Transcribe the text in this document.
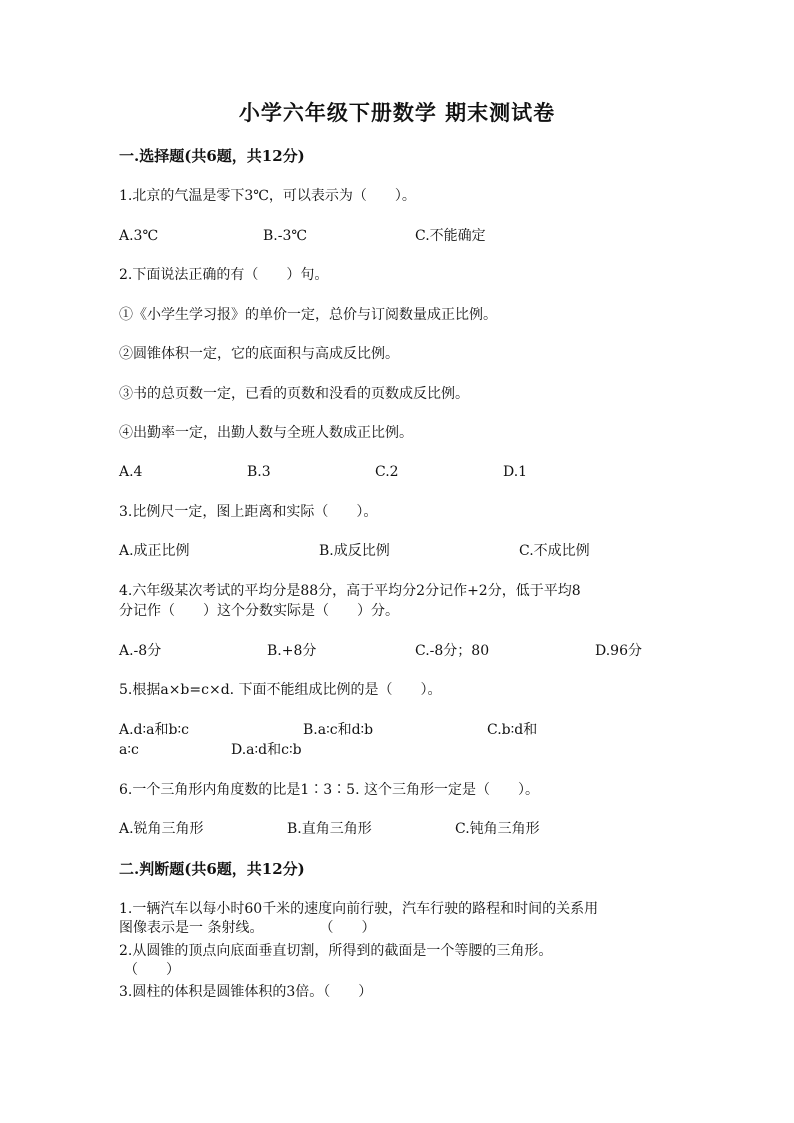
小学六年级下册数学 期末测试卷
一.选择题(共6题，共12分)
1.北京的气温是零下3℃，可以表示为（　　）。
A.3℃	B.-3℃	C.不能确定
2.下面说法正确的有（　　）句。
①《小学生学习报》的单价一定，总价与订阅数量成正比例。
②圆锥体积一定，它的底面积与高成反比例。
③书的总页数一定，已看的页数和没看的页数成反比例。
④出勤率一定，出勤人数与全班人数成正比例。
A.4	B.3	C.2	D.1
3.比例尺一定，图上距离和实际（　　）。
A.成正比例	B.成反比例	C.不成比例
4.六年级某次考试的平均分是88分，高于平均分2分记作+2分，低于平均8
分记作（　　）这个分数实际是（　　）分。
A.-8分	B.+8分	C.-8分；80	D.96分
5.根据a×b=c×d. 下面不能组成比例的是（　　）。
A.d∶a和b∶c	B.a∶c和d∶b	C.b∶d和
a∶c	D.a∶d和c∶b
6.一个三角形内角度数的比是1∶3∶5. 这个三角形一定是（　　）。
A.锐角三角形	B.直角三角形	C.钝角三角形
二.判断题(共6题，共12分)
1.一辆汽车以每小时60千米的速度向前行驶，汽车行驶的路程和时间的关系用
图像表示是一 条射线。　　　　　（　　）
2.从圆锥的顶点向底面垂直切割，所得到的截面是一个等腰的三角形。
（　　）
3.圆柱的体积是圆锥体积的3倍。（　　）
